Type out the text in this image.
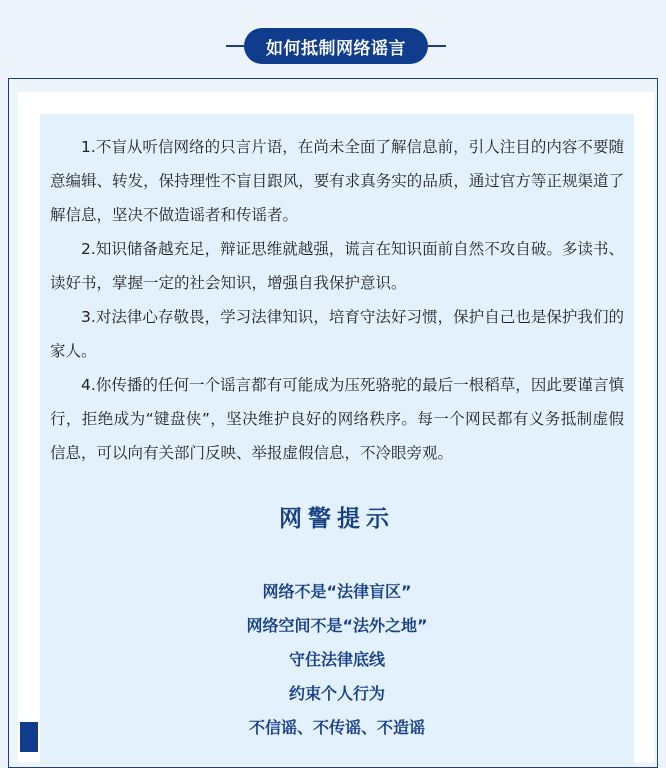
如何抵制网络谣言

1.不盲从听信网络的只言片语，在尚未全面了解信息前，引人注目的内容不要随意编辑、转发，保持理性不盲目跟风，要有求真务实的品质，通过官方等正规渠道了解信息，坚决不做造谣者和传谣者。

2.知识储备越充足，辩证思维就越强，谎言在知识面前自然不攻自破。多读书、读好书，掌握一定的社会知识，增强自我保护意识。

3.对法律心存敬畏，学习法律知识，培育守法好习惯，保护自己也是保护我们的家人。

4.你传播的任何一个谣言都有可能成为压死骆驼的最后一根稻草，因此要谨言慎行，拒绝成为“键盘侠”，坚决维护良好的网络秩序。每一个网民都有义务抵制虚假信息，可以向有关部门反映、举报虚假信息，不冷眼旁观。

网警提示
网络不是“法律盲区”
网络空间不是“法外之地”
守住法律底线
约束个人行为
不信谣、不传谣、不造谣
